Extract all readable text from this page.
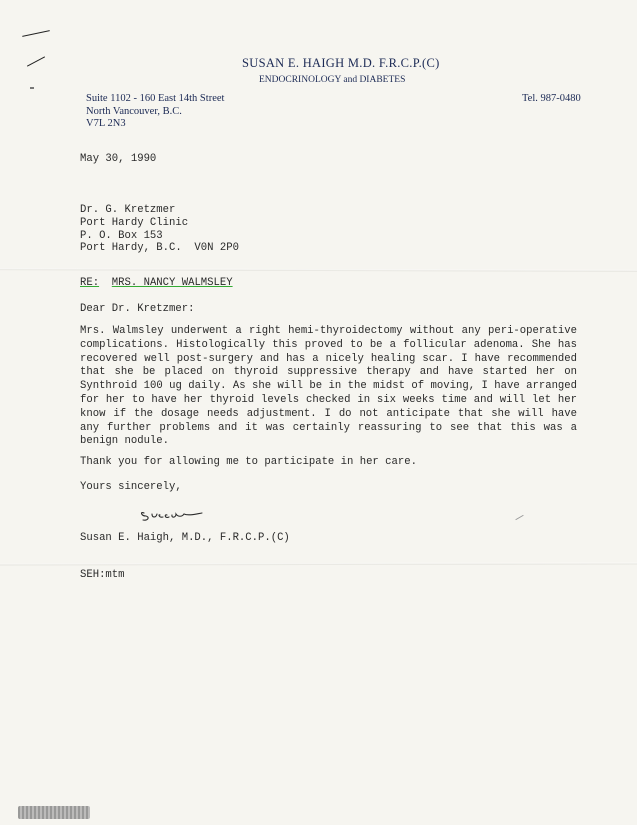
SUSAN E. HAIGH M.D. F.R.C.P.(C)
ENDOCRINOLOGY and DIABETES
Suite 1102 - 160 East 14th Street
North Vancouver, B.C.
V7L 2N3
Tel. 987-0480
May 30, 1990
Dr. G. Kretzmer
Port Hardy Clinic
P. O. Box 153
Port Hardy, B.C.  V0N 2P0
RE: MRS. NANCY WALMSLEY
Dear Dr. Kretzmer:

Mrs. Walmsley underwent a right hemi-thyroidectomy without any peri-operative complications. Histologically this proved to be a follicular adenoma. She has recovered well post-surgery and has a nicely healing scar. I have recommended that she be placed on thyroid suppressive therapy and have started her on Synthroid 100 ug daily. As she will be in the midst of moving, I have arranged for her to have her thyroid levels checked in six weeks time and will let her know if the dosage needs adjustment. I do not anticipate that she will have any further problems and it was certainly reassuring to see that this was a benign nodule.

Thank you for allowing me to participate in her care.
Yours sincerely,
Susan E. Haigh, M.D., F.R.C.P.(C)
SEH:mtm
